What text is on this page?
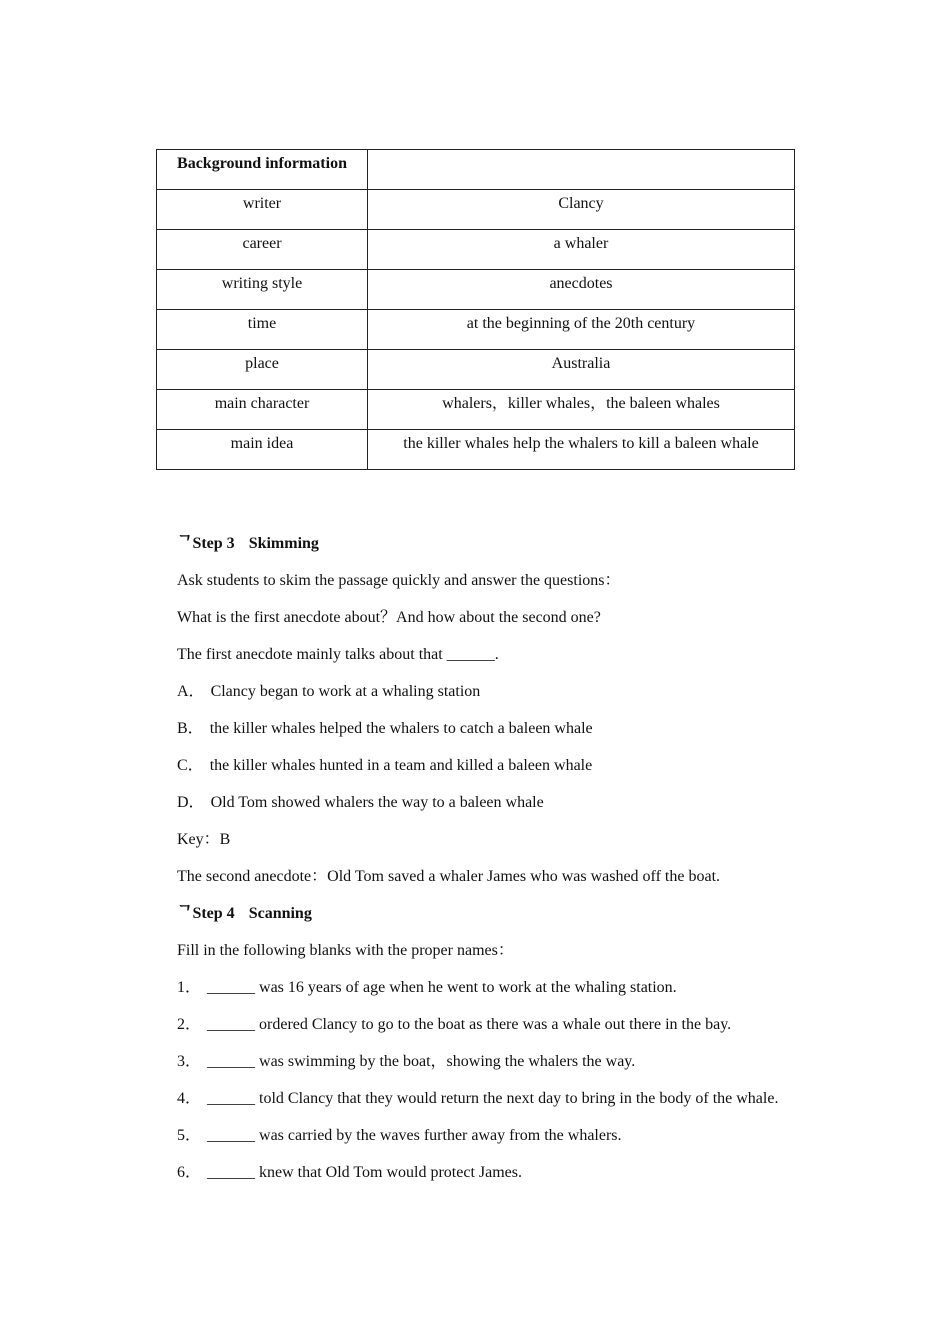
Background information	
writer	Clancy
career	a whaler
writing style	anecdotes
time	at the beginning of the 20th century
place	Australia
main character	whalers，killer whales，the baleen whales
main idea	the killer whales help the whalers to kill a baleen whale
ᄀStep 3 Skimming
Ask students to skim the passage quickly and answer the questions：
What is the first anecdote about？And how about the second one?
The first anecdote mainly talks about that ______.
A． Clancy began to work at a whaling station
B． the killer whales helped the whalers to catch a baleen whale
C． the killer whales hunted in a team and killed a baleen whale
D． Old Tom showed whalers the way to a baleen whale
Key：B
The second anecdote：Old Tom saved a whaler James who was washed off the boat.
ᄀStep 4 Scanning
Fill in the following blanks with the proper names：
1． ______ was 16 years of age when he went to work at the whaling station.
2． ______ ordered Clancy to go to the boat as there was a whale out there in the bay.
3． ______ was swimming by the boat，showing the whalers the way.
4． ______ told Clancy that they would return the next day to bring in the body of the whale.
5． ______ was carried by the waves further away from the whalers.
6． ______ knew that Old Tom would protect James.
